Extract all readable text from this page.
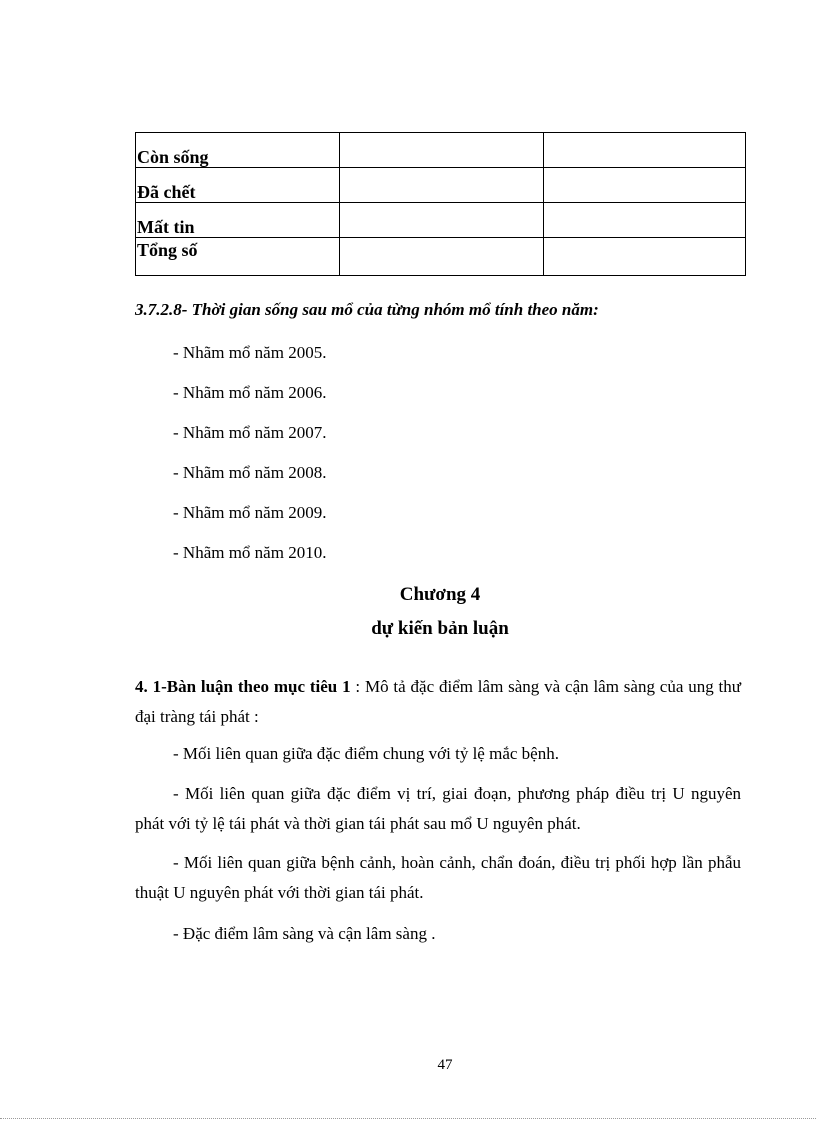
Còn sống		
Đã chết		
Mất tin		
Tổng số		
3.7.2.8- Thời gian sống sau mổ của từng nhóm mổ tính theo năm:
- Nhãm mổ năm 2005.
- Nhãm mổ năm 2006.
- Nhãm mổ năm 2007.
- Nhãm mổ năm 2008.
- Nhãm mổ năm 2009.
- Nhãm mổ năm 2010.
Chương 4
dự kiến bản luận
4. 1-Bàn luận theo mục tiêu 1 : Mô tả đặc điểm lâm sàng và cận lâm sàng của ung thư đại tràng tái phát :
- Mối liên quan giữa đặc điểm chung với tỷ lệ mắc bệnh.
- Mối liên quan giữa đặc điểm vị trí, giai đoạn, phương pháp điều trị U nguyên phát với tỷ lệ tái phát và thời gian tái phát sau mổ U nguyên phát.
- Mối liên quan giữa bệnh cảnh, hoàn cảnh, chẩn đoán, điều trị phối hợp lần phẫu thuật U nguyên phát với thời gian tái phát.
- Đặc điểm lâm sàng và cận lâm sàng .
47
